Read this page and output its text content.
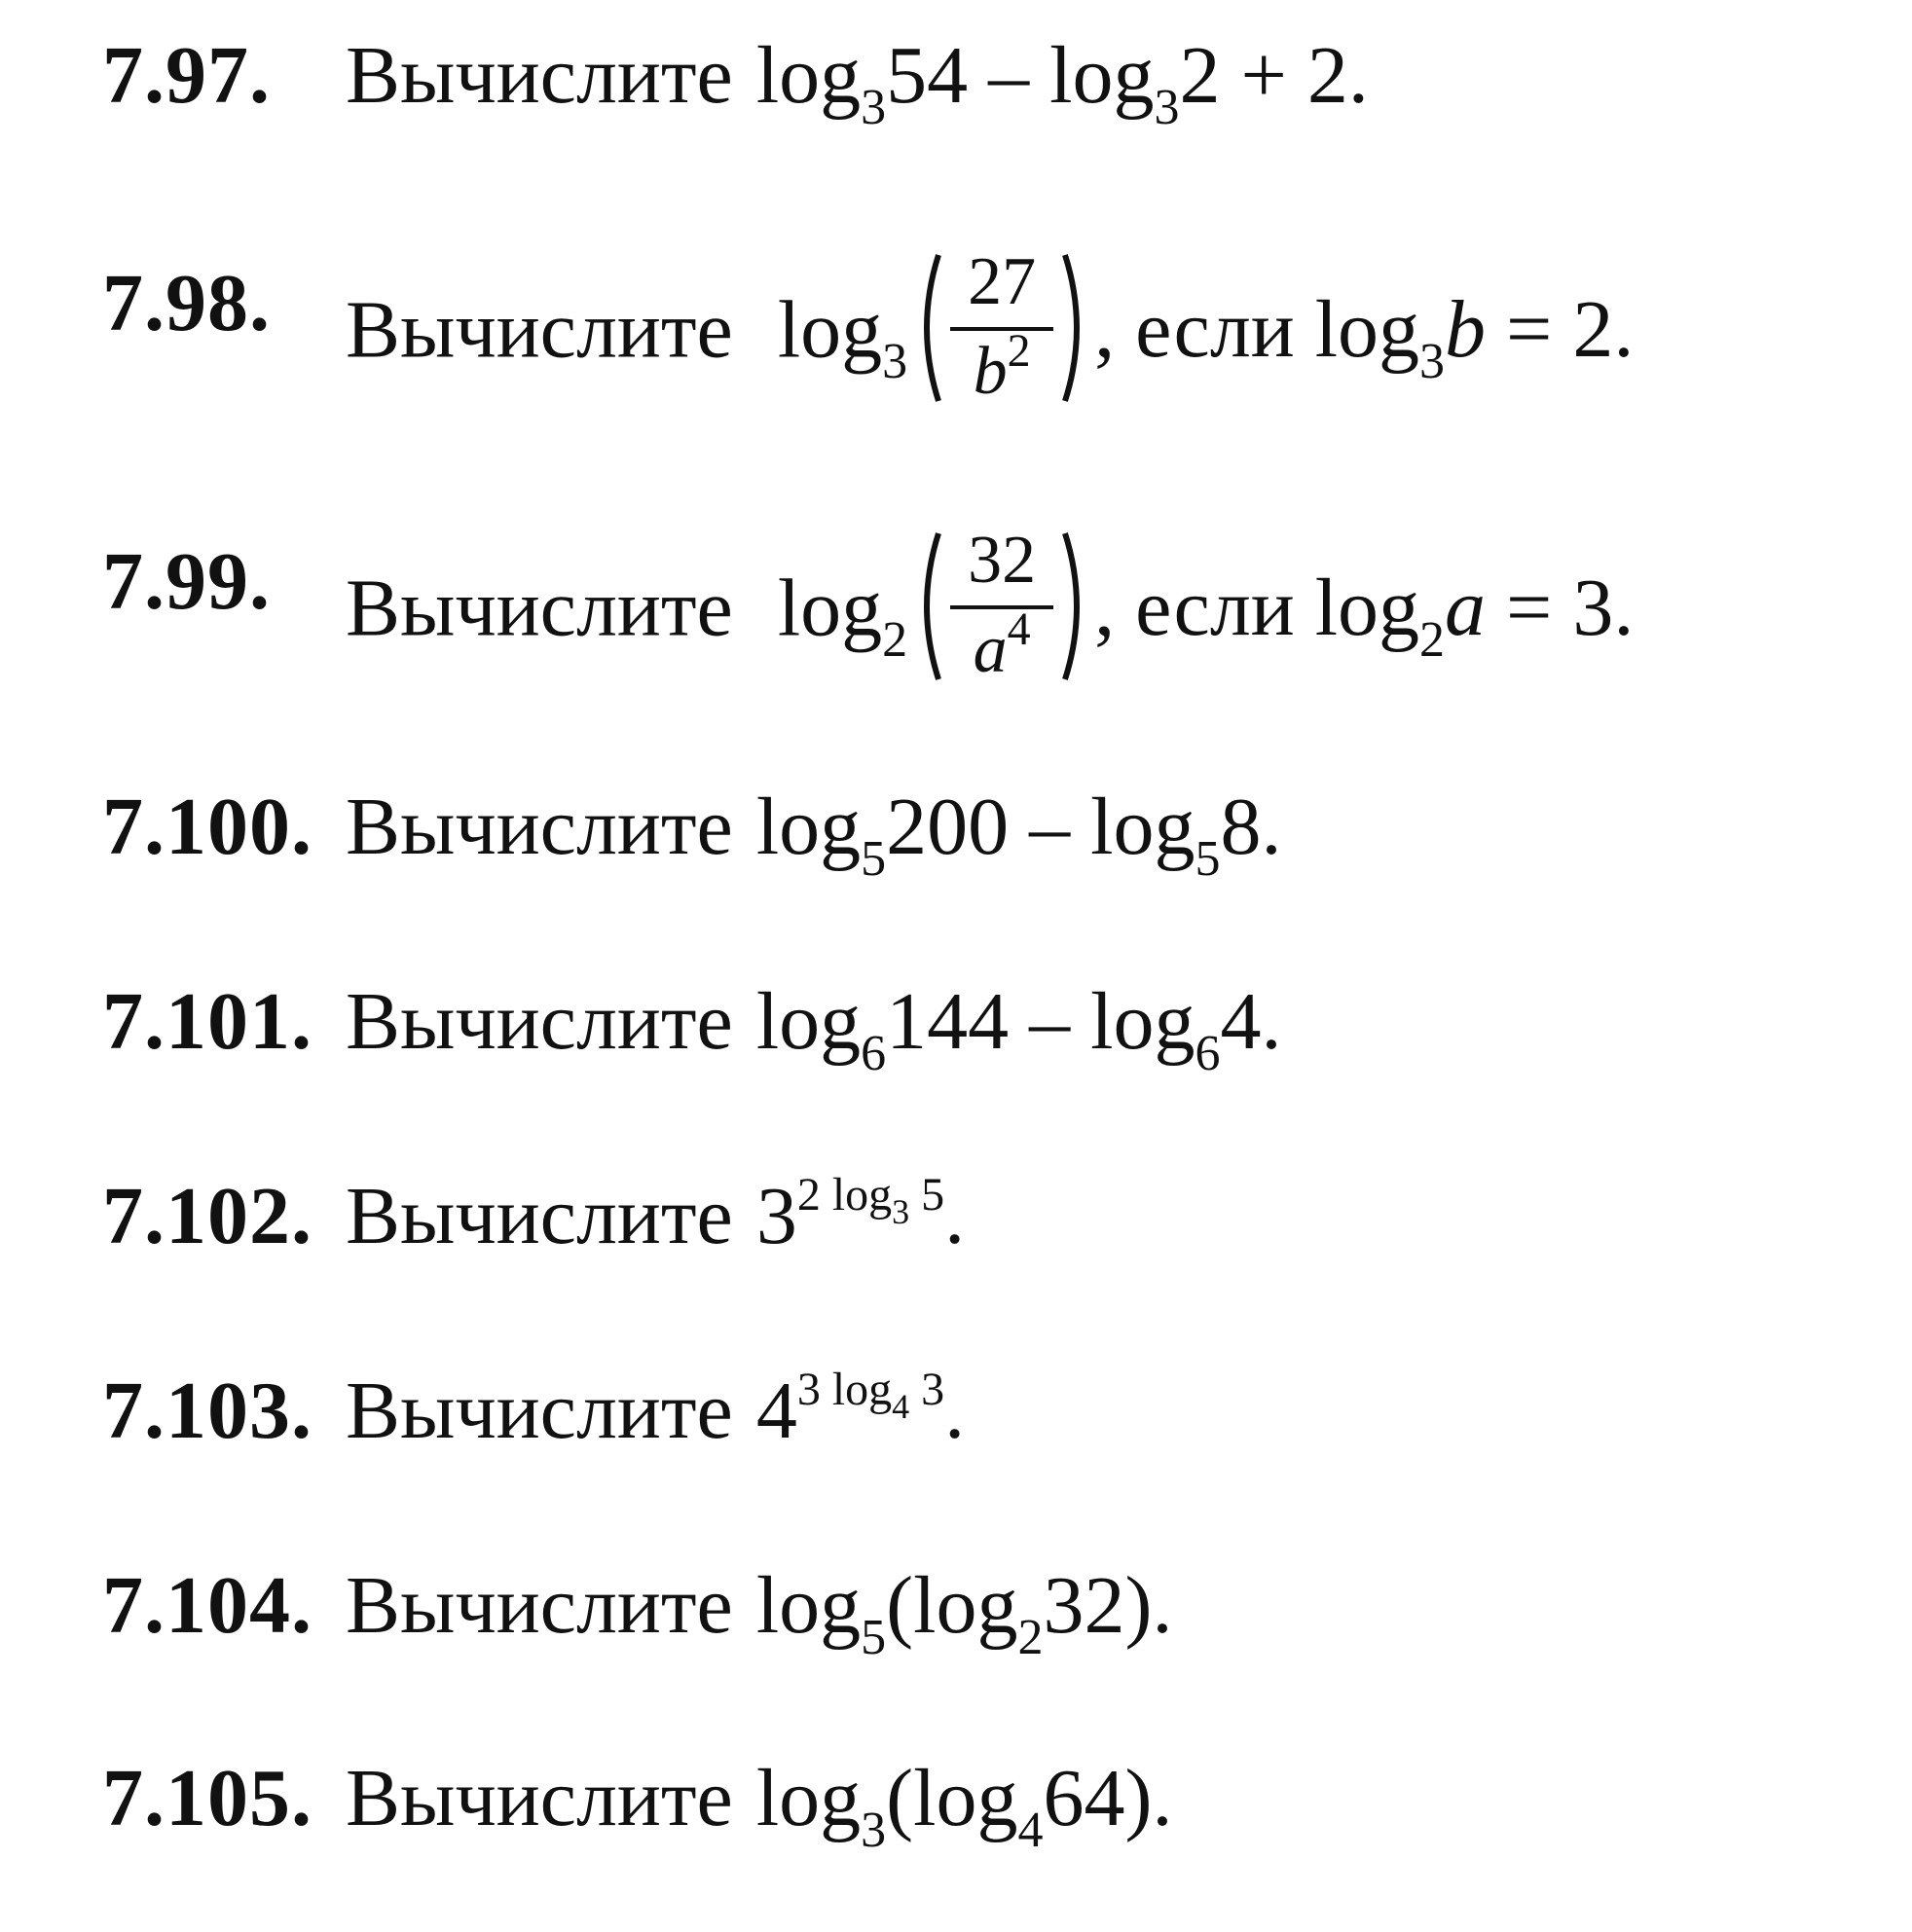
7.97. Вычислите $\log_354 - \log_32 + 2$.
7.98. Вычислите $\log_3$
27
$b^2$ , если $\log_3b = 2$.
7.99. Вычислите $\log_2$
32
$a^4$ , если $\log_2a = 3$.
7.100. Вычислите $\log_5200 - \log_58$.
7.101. Вычислите $\log_6144 - \log_64$.
7.102. Вычислите $3^{2 log_3 5}$.
7.103. Вычислите $4^{3 log_4 3}$.
7.104. Вычислите $\log_5(\log_232)$.
7.105. Вычислите $\log_3(\log_464)$.
